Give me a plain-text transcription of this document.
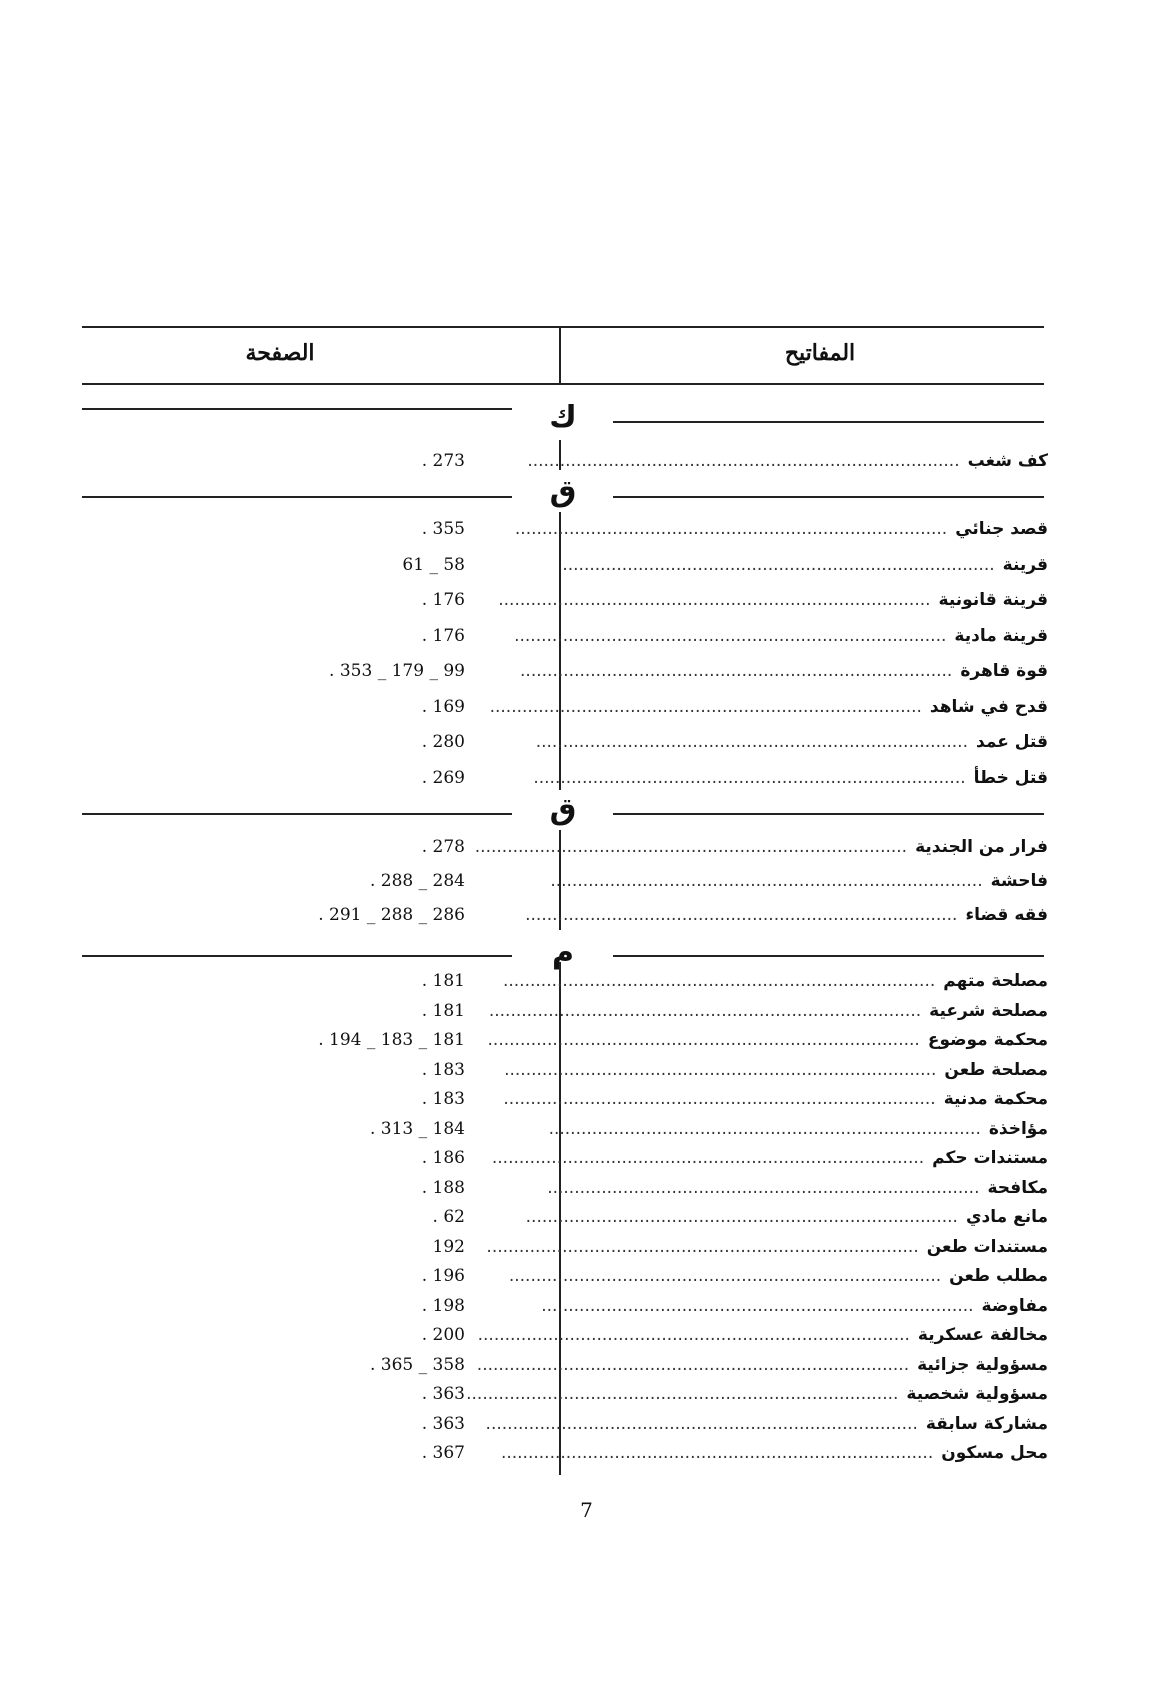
المفاتيح
الصفحة
ك
كف شغب................................................................................
. 273
ق
قصد جنائي................................................................................
. 355
قرينة................................................................................
61 _ 58
قرينة قانونية................................................................................
. 176
قرينة مادية................................................................................
. 176
قوة قاهرة................................................................................
. 353 _ 179 _ 99
قدح في شاهد................................................................................
. 169
قتل عمد................................................................................
. 280
قتل خطأ................................................................................
. 269
ق
فرار من الجندية................................................................................
. 278
فاحشة................................................................................
. 288 _ 284
فقه قضاء................................................................................
. 291 _ 288 _ 286
م
مصلحة متهم................................................................................
. 181
مصلحة شرعية................................................................................
. 181
محكمة موضوع................................................................................
. 194 _ 183 _ 181
مصلحة طعن................................................................................
. 183
محكمة مدنية................................................................................
. 183
مؤاخذة................................................................................
. 313 _ 184
مستندات حكم................................................................................
. 186
مكافحة................................................................................
. 188
مانع مادي................................................................................
. 62
مستندات طعن................................................................................
192
مطلب طعن................................................................................
. 196
مفاوضة................................................................................
. 198
مخالفة عسكرية................................................................................
. 200
مسؤولية جزائية................................................................................
. 365 _ 358
مسؤولية شخصية................................................................................
. 363
مشاركة سابقة................................................................................
. 363
محل مسكون................................................................................
. 367
7
